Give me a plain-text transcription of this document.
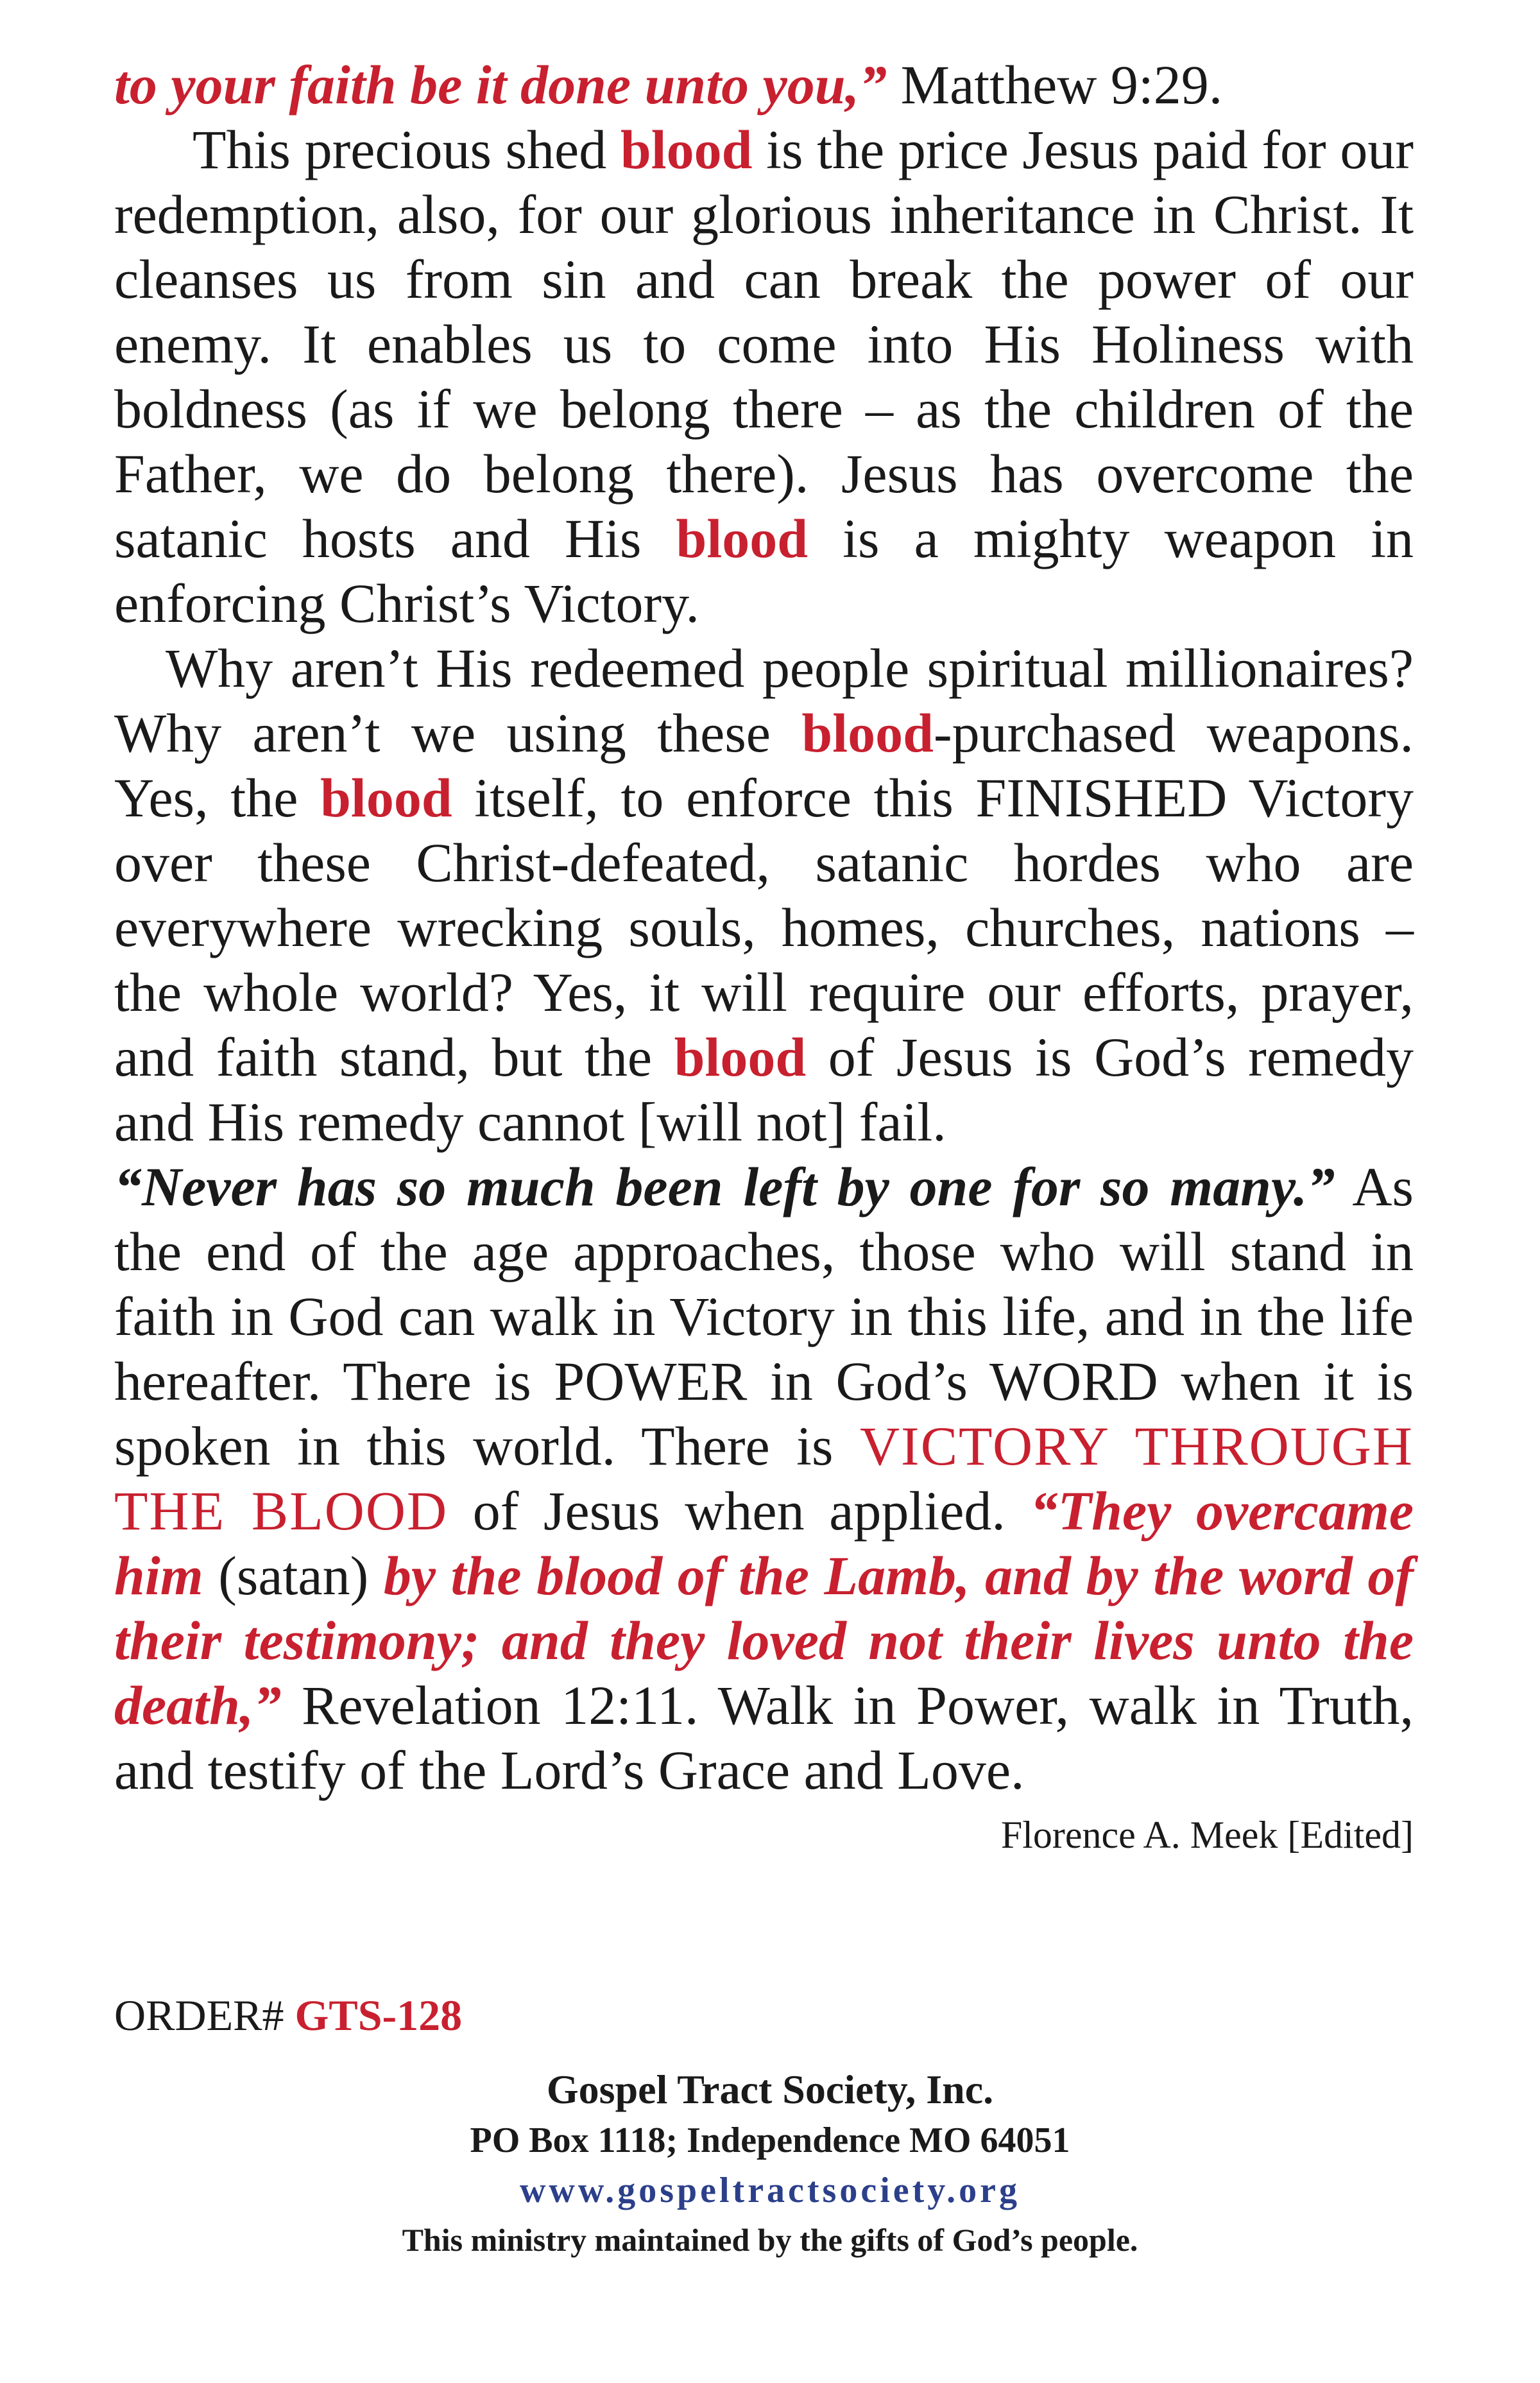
to your faith be it done unto you,” Matthew 9:29.

This precious shed blood is the price Jesus paid for our redemption, also, for our glorious inheritance in Christ. It cleanses us from sin and can break the power of our enemy. It enables us to come into His Holiness with boldness (as if we belong there – as the children of the Father, we do belong there). Jesus has overcome the satanic hosts and His blood is a mighty weapon in enforcing Christ’s Victory.

Why aren’t His redeemed people spiritual millionaires? Why aren’t we using these blood-purchased weapons. Yes, the blood itself, to enforce this FINISHED Victory over these Christ-defeated, satanic hordes who are everywhere wrecking souls, homes, churches, nations – the whole world? Yes, it will require our efforts, prayer, and faith stand, but the blood of Jesus is God’s remedy and His remedy cannot [will not] fail.

“Never has so much been left by one for so many.” As the end of the age approaches, those who will stand in faith in God can walk in Victory in this life, and in the life hereafter. There is POWER in God’s WORD when it is spoken in this world. There is VICTORY THROUGH THE BLOOD of Jesus when applied. “They overcame him (satan) by the blood of the Lamb, and by the word of their testimony; and they loved not their lives unto the death,” Revelation 12:11. Walk in Power, walk in Truth, and testify of the Lord’s Grace and Love.
Florence A. Meek [Edited]

ORDER# GTS-128
Gospel Tract Society, Inc.
PO Box 1118; Independence MO 64051
www.gospeltractsociety.org
This ministry maintained by the gifts of God’s people.
